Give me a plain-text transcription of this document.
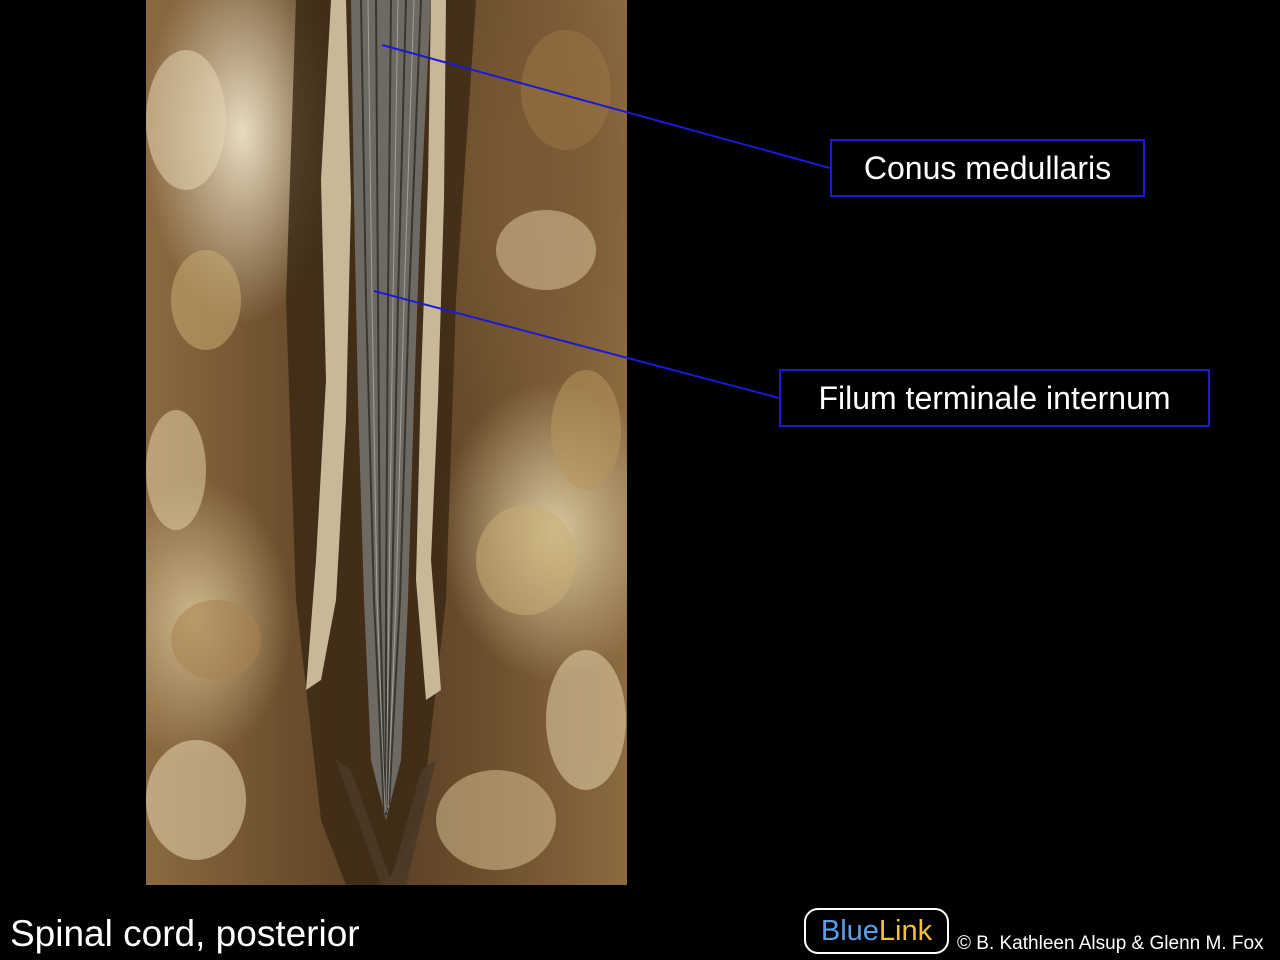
Conus medullaris
Filum terminale internum
Spinal cord, posterior	Blue Link © B. Kathleen Alsup & Glenn M. Fox
